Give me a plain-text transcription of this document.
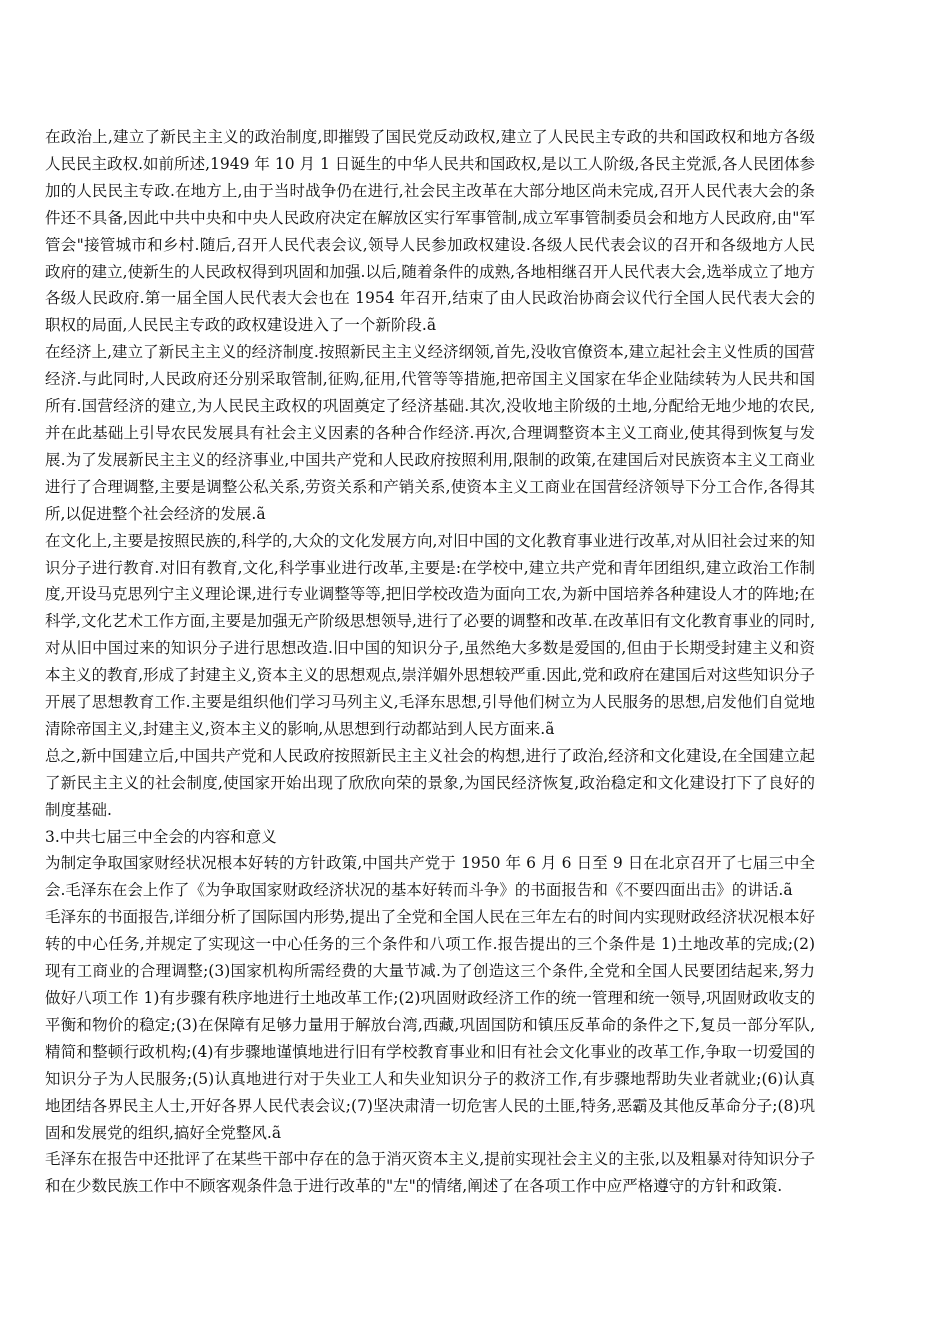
在政治上,建立了新民主主义的政治制度,即摧毁了国民党反动政权,建立了人民民主专政的共和国政权和地方各级人民民主政权.如前所述,1949 年 10 月 1 日诞生的中华人民共和国政权,是以工人阶级,各民主党派,各人民团体参加的人民民主专政.在地方上,由于当时战争仍在进行,社会民主改革在大部分地区尚未完成,召开人民代表大会的条件还不具备,因此中共中央和中央人民政府决定在解放区实行军事管制,成立军事管制委员会和地方人民政府,由"军管会"接管城市和乡村.随后,召开人民代表会议,领导人民参加政权建设.各级人民代表会议的召开和各级地方人民政府的建立,使新生的人民政权得到巩固和加强.以后,随着条件的成熟,各地相继召开人民代表大会,选举成立了地方各级人民政府.第一届全国人民代表大会也在 1954 年召开,结束了由人民政治协商会议代行全国人民代表大会的职权的局面,人民民主专政的政权建设进入了一个新阶段.ã

在经济上,建立了新民主主义的经济制度.按照新民主主义经济纲领,首先,没收官僚资本,建立起社会主义性质的国营经济.与此同时,人民政府还分别采取管制,征购,征用,代管等等措施,把帝国主义国家在华企业陆续转为人民共和国所有.国营经济的建立,为人民民主政权的巩固奠定了经济基础.其次,没收地主阶级的土地,分配给无地少地的农民,并在此基础上引导农民发展具有社会主义因素的各种合作经济.再次,合理调整资本主义工商业,使其得到恢复与发展.为了发展新民主主义的经济事业,中国共产党和人民政府按照利用,限制的政策,在建国后对民族资本主义工商业进行了合理调整,主要是调整公私关系,劳资关系和产销关系,使资本主义工商业在国营经济领导下分工合作,各得其所,以促进整个社会经济的发展.ã

在文化上,主要是按照民族的,科学的,大众的文化发展方向,对旧中国的文化教育事业进行改革,对从旧社会过来的知识分子进行教育.对旧有教育,文化,科学事业进行改革,主要是:在学校中,建立共产党和青年团组织,建立政治工作制度,开设马克思列宁主义理论课,进行专业调整等等,把旧学校改造为面向工农,为新中国培养各种建设人才的阵地;在科学,文化艺术工作方面,主要是加强无产阶级思想领导,进行了必要的调整和改革.在改革旧有文化教育事业的同时,对从旧中国过来的知识分子进行思想改造.旧中国的知识分子,虽然绝大多数是爱国的,但由于长期受封建主义和资本主义的教育,形成了封建主义,资本主义的思想观点,崇洋媚外思想较严重.因此,党和政府在建国后对这些知识分子开展了思想教育工作.主要是组织他们学习马列主义,毛泽东思想,引导他们树立为人民服务的思想,启发他们自觉地清除帝国主义,封建主义,资本主义的影响,从思想到行动都站到人民方面来.ã

总之,新中国建立后,中国共产党和人民政府按照新民主主义社会的构想,进行了政治,经济和文化建设,在全国建立起了新民主主义的社会制度,使国家开始出现了欣欣向荣的景象,为国民经济恢复,政治稳定和文化建设打下了良好的制度基础.

3.中共七届三中全会的内容和意义

为制定争取国家财经状况根本好转的方针政策,中国共产党于 1950 年 6 月 6 日至 9 日在北京召开了七届三中全会.毛泽东在会上作了《为争取国家财政经济状况的基本好转而斗争》的书面报告和《不要四面出击》的讲话.ã

毛泽东的书面报告,详细分析了国际国内形势,提出了全党和全国人民在三年左右的时间内实现财政经济状况根本好转的中心任务,并规定了实现这一中心任务的三个条件和八项工作.报告提出的三个条件是 1)土地改革的完成;(2)现有工商业的合理调整;(3)国家机构所需经费的大量节减.为了创造这三个条件,全党和全国人民要团结起来,努力做好八项工作 1)有步骤有秩序地进行土地改革工作;(2)巩固财政经济工作的统一管理和统一领导,巩固财政收支的平衡和物价的稳定;(3)在保障有足够力量用于解放台湾,西藏,巩固国防和镇压反革命的条件之下,复员一部分军队,精简和整顿行政机构;(4)有步骤地谨慎地进行旧有学校教育事业和旧有社会文化事业的改革工作,争取一切爱国的知识分子为人民服务;(5)认真地进行对于失业工人和失业知识分子的救济工作,有步骤地帮助失业者就业;(6)认真地团结各界民主人士,开好各界人民代表会议;(7)坚决肃清一切危害人民的土匪,特务,恶霸及其他反革命分子;(8)巩固和发展党的组织,搞好全党整风.ã

毛泽东在报告中还批评了在某些干部中存在的急于消灭资本主义,提前实现社会主义的主张,以及粗暴对待知识分子和在少数民族工作中不顾客观条件急于进行改革的"左"的情绪,阐述了在各项工作中应严格遵守的方针和政策.
